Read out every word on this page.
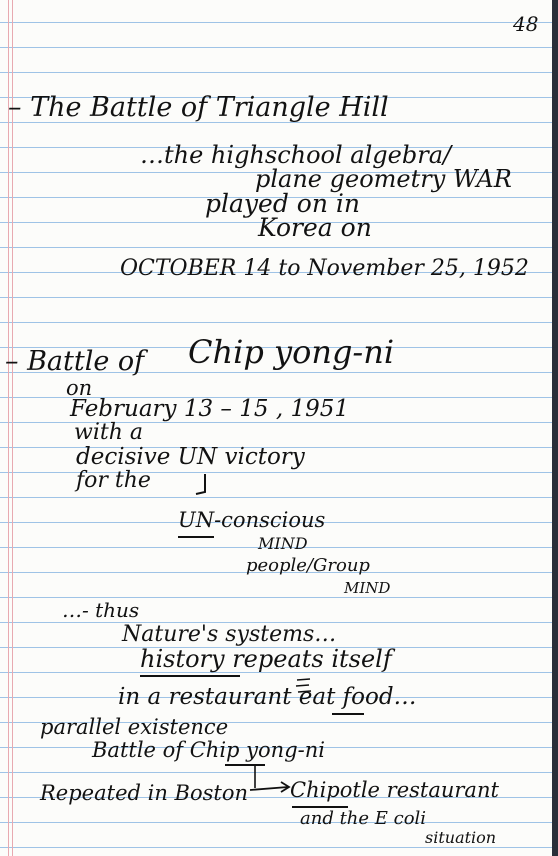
48
– The Battle of Triangle Hill
…the highschool algebra/
plane geometry WAR
played on in
Korea on
OCTOBER 14 to November 25, 1952
– Battle of Chip yong-ni
on
February 13 – 15 , 1951
with a
decisive UN victory
for the
UN-conscious
MIND
people/Group
MIND
…- thus
Nature's systems…
history repeats itself
in a restaurant eat food…
parallel existence
Battle of Chip yong-ni
Repeated in Boston Chipotle restaurant
and the E coli
situation
